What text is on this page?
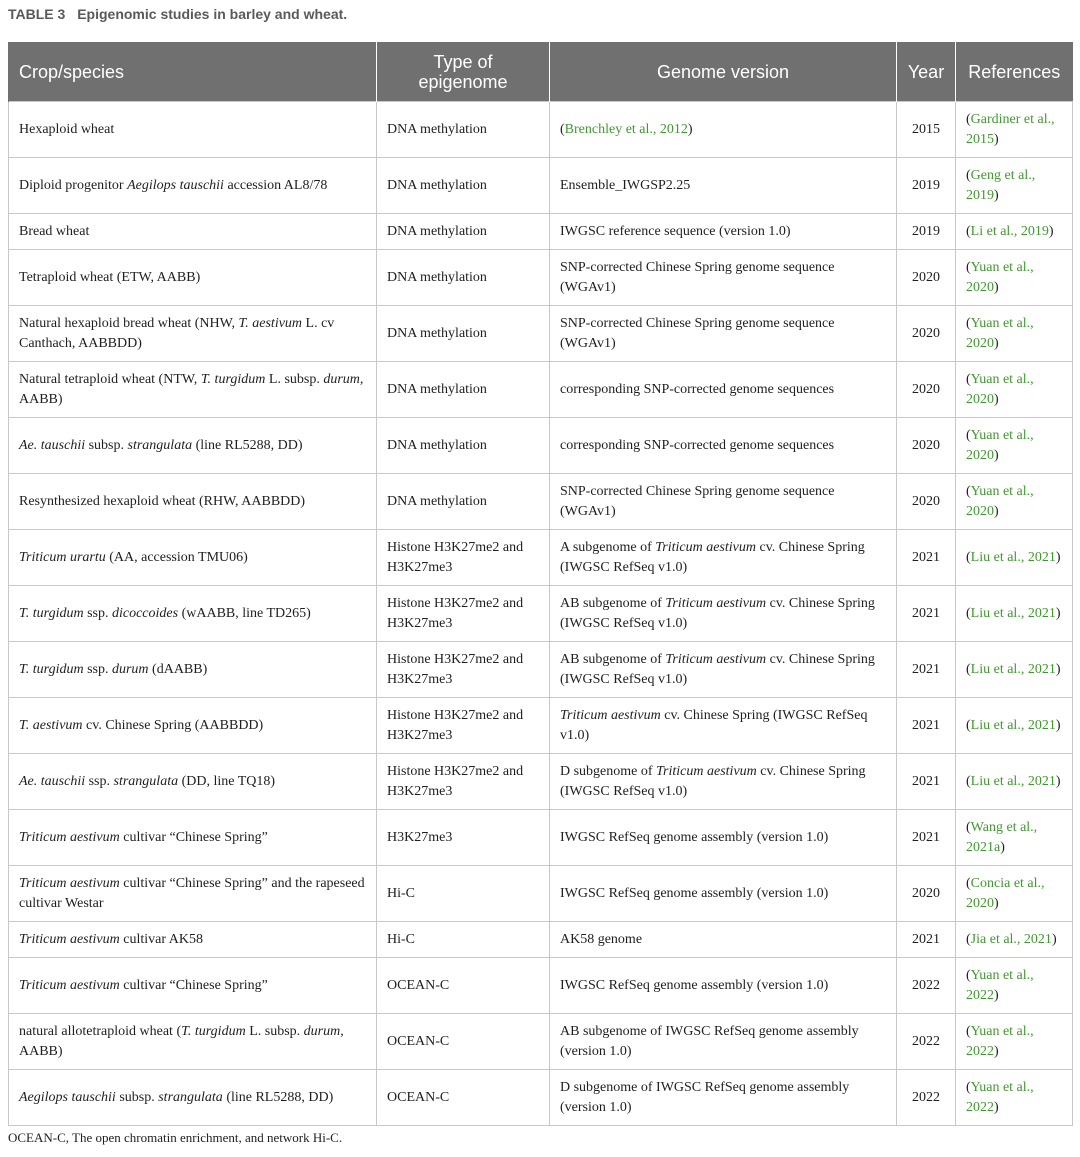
TABLE 3 Epigenomic studies in barley and wheat.
Crop/species	Type of epigenome	Genome version	Year	References
Hexaploid wheat	DNA methylation	(Brenchley et al., 2012)	2015	(Gardiner et al., 2015)
Diploid progenitor Aegilops tauschii accession AL8/78	DNA methylation	Ensemble_IWGSP2.25	2019	(Geng et al., 2019)
Bread wheat	DNA methylation	IWGSC reference sequence (version 1.0)	2019	(Li et al., 2019)
Tetraploid wheat (ETW, AABB)	DNA methylation	SNP-corrected Chinese Spring genome sequence (WGAv1)	2020	(Yuan et al., 2020)
Natural hexaploid bread wheat (NHW, T. aestivum L. cv Canthach, AABBDD)	DNA methylation	SNP-corrected Chinese Spring genome sequence (WGAv1)	2020	(Yuan et al., 2020)
Natural tetraploid wheat (NTW, T. turgidum L. subsp. durum, AABB)	DNA methylation	corresponding SNP-corrected genome sequences	2020	(Yuan et al., 2020)
Ae. tauschii subsp. strangulata (line RL5288, DD)	DNA methylation	corresponding SNP-corrected genome sequences	2020	(Yuan et al., 2020)
Resynthesized hexaploid wheat (RHW, AABBDD)	DNA methylation	SNP-corrected Chinese Spring genome sequence (WGAv1)	2020	(Yuan et al., 2020)
Triticum urartu (AA, accession TMU06)	Histone H3K27me2 and H3K27me3	A subgenome of Triticum aestivum cv. Chinese Spring (IWGSC RefSeq v1.0)	2021	(Liu et al., 2021)
T. turgidum ssp. dicoccoides (wAABB, line TD265)	Histone H3K27me2 and H3K27me3	AB subgenome of Triticum aestivum cv. Chinese Spring (IWGSC RefSeq v1.0)	2021	(Liu et al., 2021)
T. turgidum ssp. durum (dAABB)	Histone H3K27me2 and H3K27me3	AB subgenome of Triticum aestivum cv. Chinese Spring (IWGSC RefSeq v1.0)	2021	(Liu et al., 2021)
T. aestivum cv. Chinese Spring (AABBDD)	Histone H3K27me2 and H3K27me3	Triticum aestivum cv. Chinese Spring (IWGSC RefSeq v1.0)	2021	(Liu et al., 2021)
Ae. tauschii ssp. strangulata (DD, line TQ18)	Histone H3K27me2 and H3K27me3	D subgenome of Triticum aestivum cv. Chinese Spring (IWGSC RefSeq v1.0)	2021	(Liu et al., 2021)
Triticum aestivum cultivar “Chinese Spring”	H3K27me3	IWGSC RefSeq genome assembly (version 1.0)	2021	(Wang et al., 2021a)
Triticum aestivum cultivar “Chinese Spring” and the rapeseed cultivar Westar	Hi-C	IWGSC RefSeq genome assembly (version 1.0)	2020	(Concia et al., 2020)
Triticum aestivum cultivar AK58	Hi-C	AK58 genome	2021	(Jia et al., 2021)
Triticum aestivum cultivar “Chinese Spring”	OCEAN-C	IWGSC RefSeq genome assembly (version 1.0)	2022	(Yuan et al., 2022)
natural allotetraploid wheat (T. turgidum L. subsp. durum, AABB)	OCEAN-C	AB subgenome of IWGSC RefSeq genome assembly (version 1.0)	2022	(Yuan et al., 2022)
Aegilops tauschii subsp. strangulata (line RL5288, DD)	OCEAN-C	D subgenome of IWGSC RefSeq genome assembly (version 1.0)	2022	(Yuan et al., 2022)
OCEAN-C, The open chromatin enrichment, and network Hi-C.
